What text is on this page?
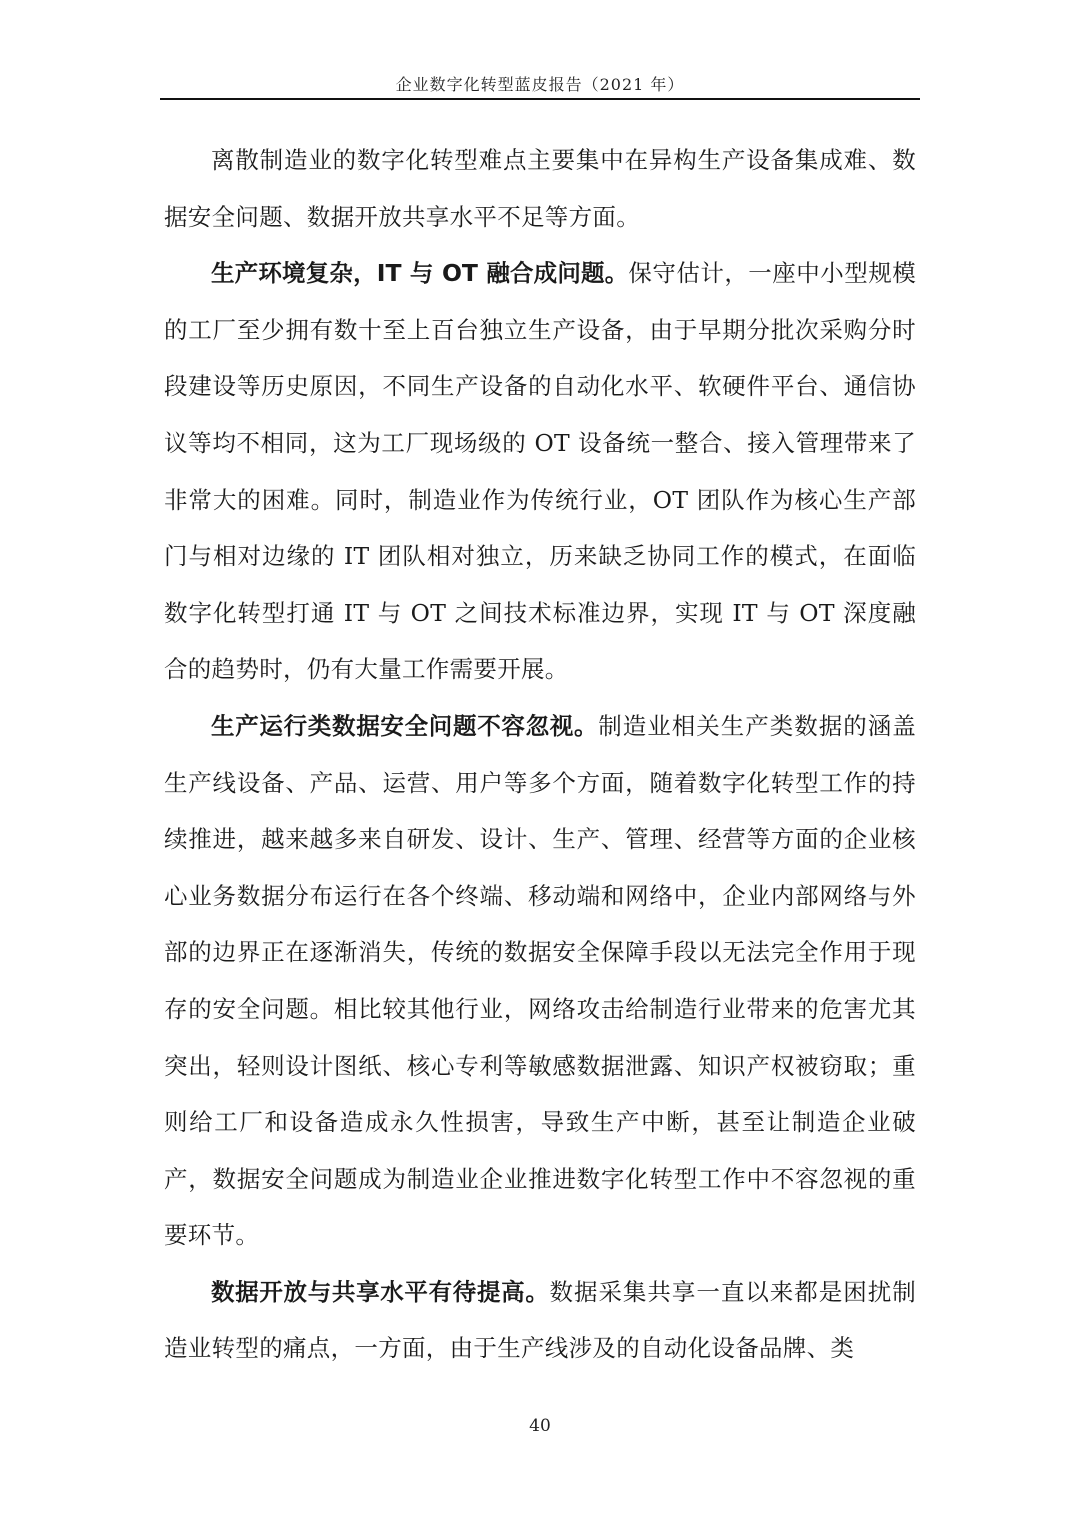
企业数字化转型蓝皮报告（2021 年）

离散制造业的数字化转型难点主要集中在异构生产设备集成难、数据安全问题、数据开放共享水平不足等方面。

生产环境复杂，IT 与 OT 融合成问题。保守估计，一座中小型规模的工厂至少拥有数十至上百台独立生产设备，由于早期分批次采购分时段建设等历史原因，不同生产设备的自动化水平、软硬件平台、通信协议等均不相同，这为工厂现场级的 OT 设备统一整合、接入管理带来了非常大的困难。同时，制造业作为传统行业，OT 团队作为核心生产部门与相对边缘的 IT 团队相对独立，历来缺乏协同工作的模式，在面临数字化转型打通 IT 与 OT 之间技术标准边界，实现 IT 与 OT 深度融合的趋势时，仍有大量工作需要开展。

生产运行类数据安全问题不容忽视。制造业相关生产类数据的涵盖生产线设备、产品、运营、用户等多个方面，随着数字化转型工作的持续推进，越来越多来自研发、设计、生产、管理、经营等方面的企业核心业务数据分布运行在各个终端、移动端和网络中，企业内部网络与外部的边界正在逐渐消失，传统的数据安全保障手段以无法完全作用于现存的安全问题。相比较其他行业，网络攻击给制造行业带来的危害尤其突出，轻则设计图纸、核心专利等敏感数据泄露、知识产权被窃取；重则给工厂和设备造成永久性损害，导致生产中断，甚至让制造企业破产，数据安全问题成为制造业企业推进数字化转型工作中不容忽视的重要环节。

数据开放与共享水平有待提高。数据采集共享一直以来都是困扰制造业转型的痛点，一方面，由于生产线涉及的自动化设备品牌、类

40
